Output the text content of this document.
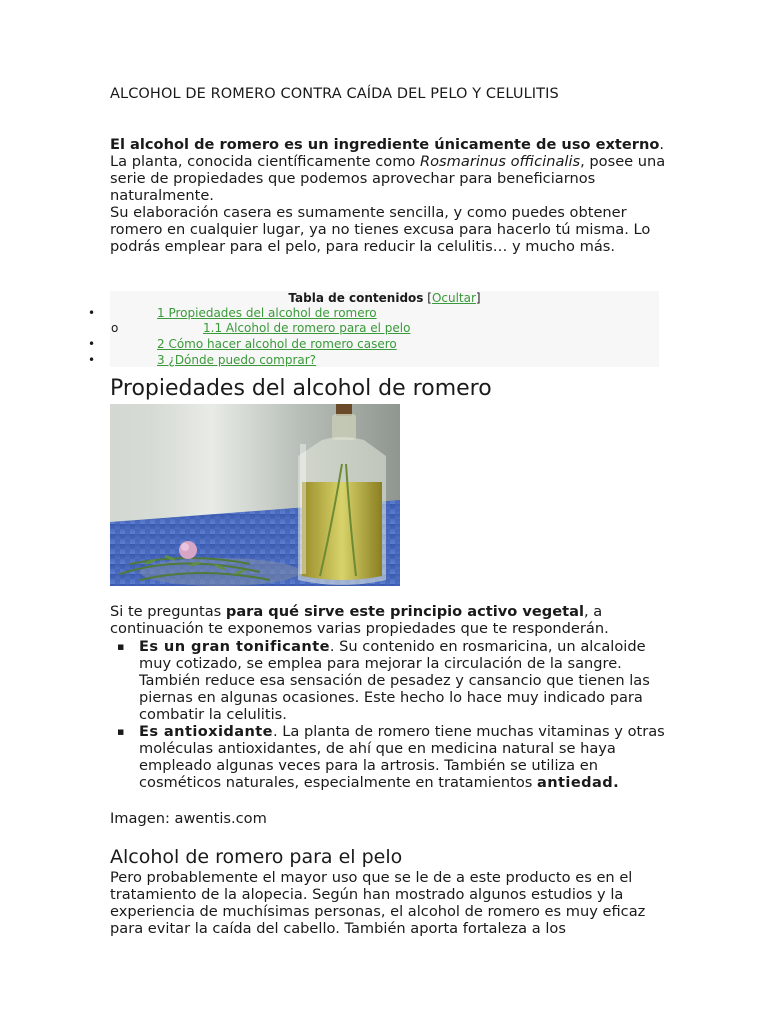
ALCOHOL DE ROMERO CONTRA CAÍDA DEL PELO Y CELULITIS

El alcohol de romero es un ingrediente únicamente de uso externo. La planta, conocida científicamente como Rosmarinus officinalis, posee una serie de propiedades que podemos aprovechar para beneficiarnos naturalmente.

Su elaboración casera es sumamente sencilla, y como puedes obtener romero en cualquier lugar, ya no tienes excusa para hacerlo tú misma. Lo podrás emplear para el pelo, para reducir la celulitis… y mucho más.

Tabla de contenidos [Ocultar]
•	1 Propiedades del alcohol de romero
o	1.1 Alcohol de romero para el pelo
•	2 Cómo hacer alcohol de romero casero
•	3 ¿Dónde puedo comprar?
Propiedades del alcohol de romero

Si te preguntas para qué sirve este principio activo vegetal, a continuación te exponemos varias propiedades que te responderán.

▪ Es un gran tonificante. Su contenido en rosmaricina, un alcaloide muy cotizado, se emplea para mejorar la circulación de la sangre. También reduce esa sensación de pesadez y cansancio que tienen las piernas en algunas ocasiones. Este hecho lo hace muy indicado para combatir la celulitis.
▪ Es antioxidante. La planta de romero tiene muchas vitaminas y otras moléculas antioxidantes, de ahí que en medicina natural se haya empleado algunas veces para la artrosis. También se utiliza en cosméticos naturales, especialmente en tratamientos antiedad.
Imagen: awentis.com
Alcohol de romero para el pelo

Pero probablemente el mayor uso que se le de a este producto es en el tratamiento de la alopecia. Según han mostrado algunos estudios y la experiencia de muchísimas personas, el alcohol de romero es muy eficaz para evitar la caída del cabello. También aporta fortaleza a los
